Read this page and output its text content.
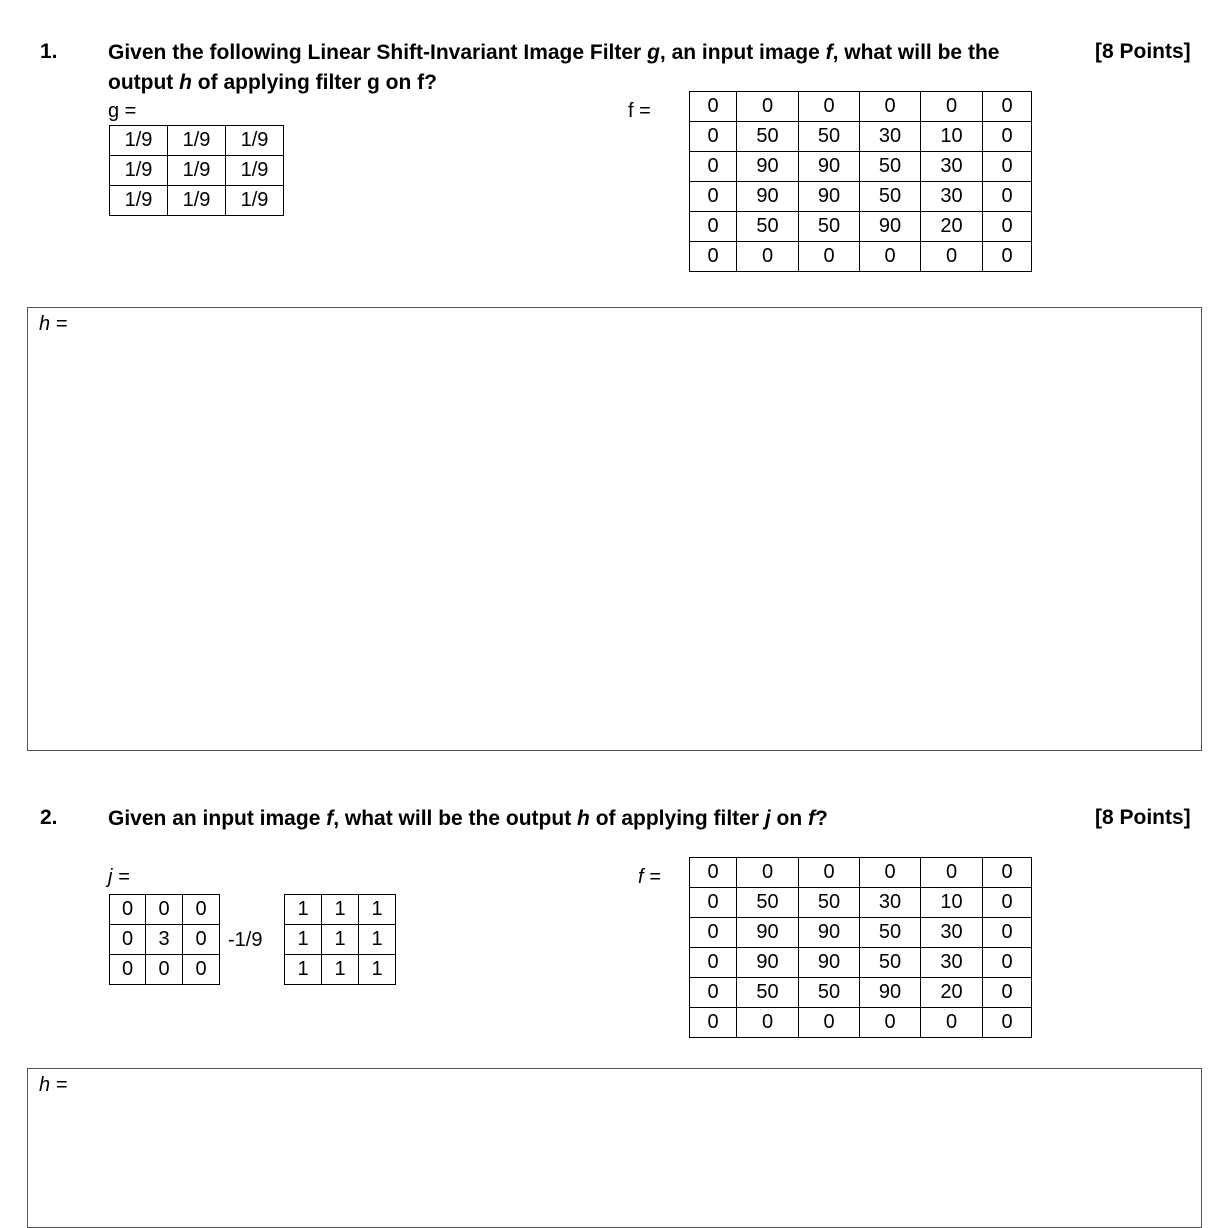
1. Given the following Linear Shift-Invariant Image Filter g, an input image f, what will be the
output h of applying filter g on f?
[8 Points]
g =
1/9	1/9	1/9
1/9	1/9	1/9
1/9	1/9	1/9
f =	0	0	0	0	0	0
0	50	50	30	10	0
0	90	90	50	30	0
0	90	90	50	30	0
0	50	50	90	20	0
0	0	0	0	0	0
h =
2. Given an input image f, what will be the output h of applying filter j on f?	[8 Points]
j =
0	0	0
0	3	0
0	0	0
-1/9
1	1	1
1	1	1
1	1	1
f = 0	0	0	0	0	0
0	50	50	30	10	0
0	90	90	50	30	0
0	90	90	50	30	0
0	50	50	90	20	0
0	0	0	0	0	0
h =
